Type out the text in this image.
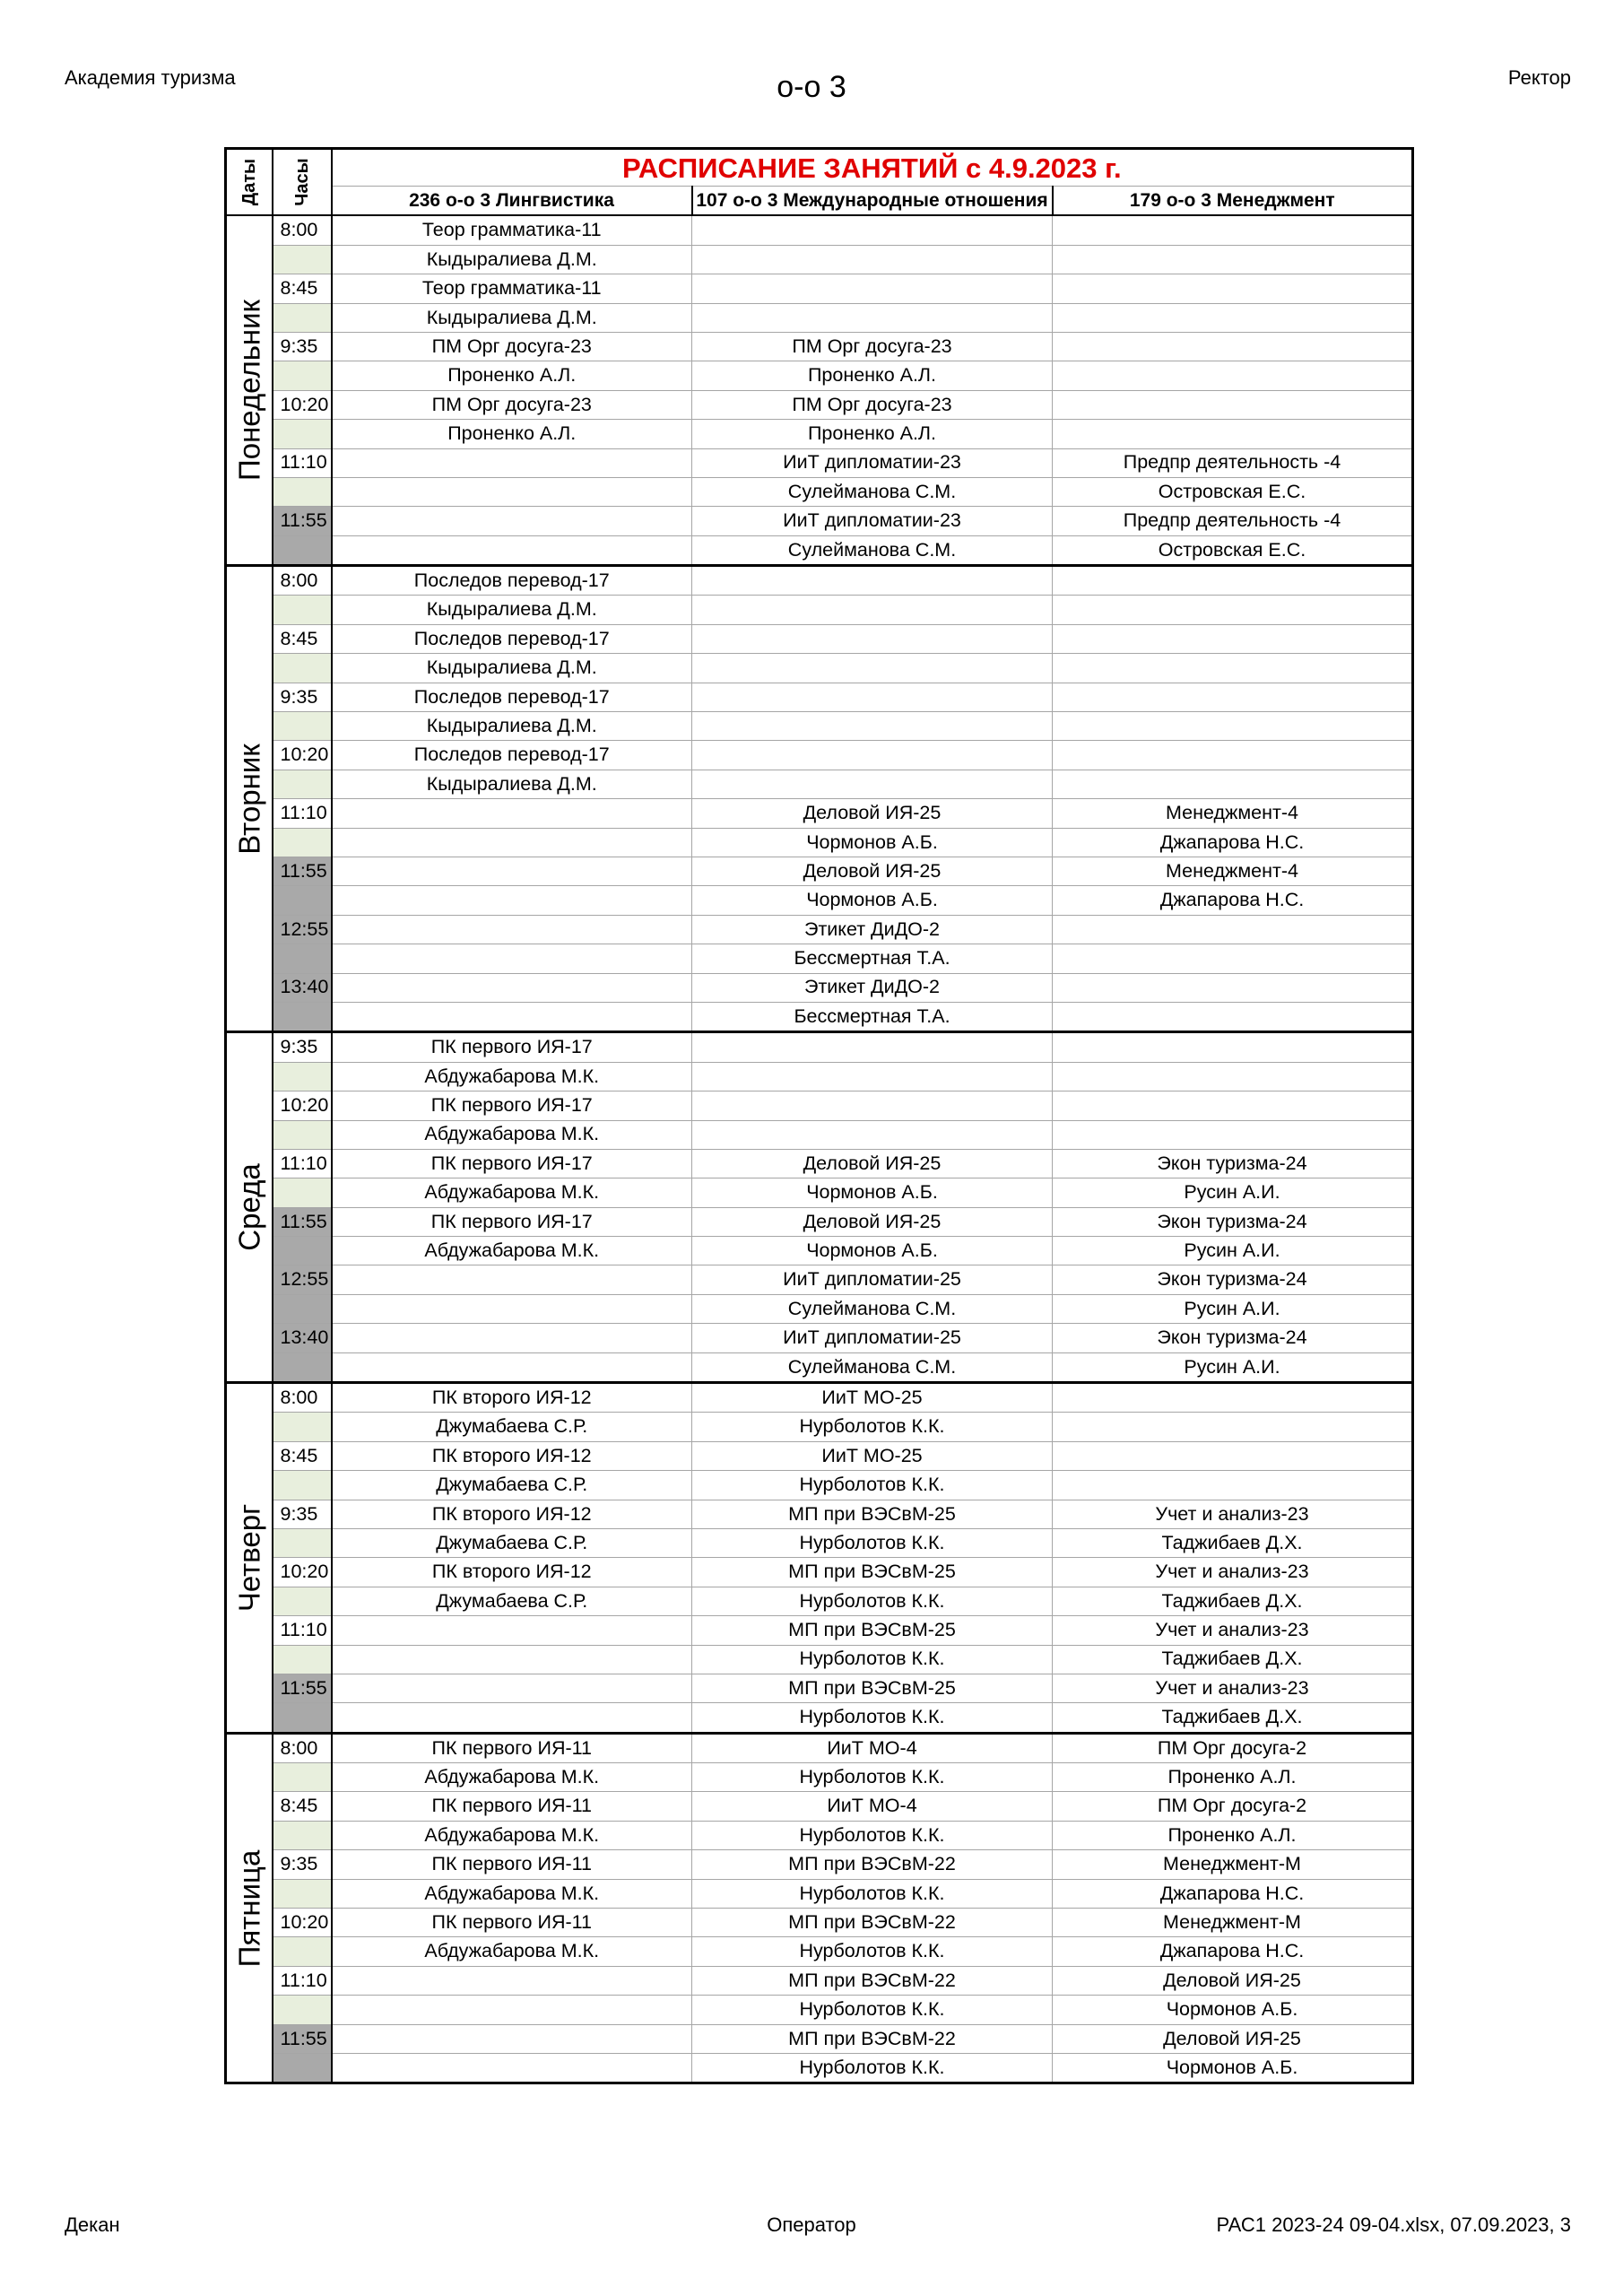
Академия туризма	о-о 3	Ректор
Даты	Часы	РАСПИСАНИЕ ЗАНЯТИЙ с 4.9.2023 г.		
		236 о-о 3 Лингвистика	107 о-о 3 Международные отношения	179 о-о 3 Менеджмент

Понедельник	8:00	Теор грамматика-11		
		Кыдыралиева Д.М.		
	8:45	Теор грамматика-11		
		Кыдыралиева Д.М.		
	9:35	ПМ Орг досуга-23	ПМ Орг досуга-23	
		Проненко А.Л.	Проненко А.Л.	
	10:20	ПМ Орг досуга-23	ПМ Орг досуга-23	
		Проненко А.Л.	Проненко А.Л.	
	11:10		ИиТ дипломатии-23	Предпр деятельность -4
			Сулейманова С.М.	Островская Е.С.
	11:55		ИиТ дипломатии-23	Предпр деятельность -4
			Сулейманова С.М.	Островская Е.С.

Вторник	8:00	Последов перевод-17		
		Кыдыралиева Д.М.		
	8:45	Последов перевод-17		
		Кыдыралиева Д.М.		
	9:35	Последов перевод-17		
		Кыдыралиева Д.М.		
	10:20	Последов перевод-17		
		Кыдыралиева Д.М.		
	11:10		Деловой ИЯ-25	Менеджмент-4
			Чормонов А.Б.	Джапарова Н.С.
	11:55		Деловой ИЯ-25	Менеджмент-4
			Чормонов А.Б.	Джапарова Н.С.
	12:55		Этикет ДиДО-2	
			Бессмертная Т.А.	
	13:40		Этикет ДиДО-2	
			Бессмертная Т.А.	

Среда	9:35	ПК первого ИЯ-17		
		Абдужабарова М.К.		
	10:20	ПК первого ИЯ-17		
		Абдужабарова М.К.		
	11:10	ПК первого ИЯ-17	Деловой ИЯ-25	Экон туризма-24
		Абдужабарова М.К.	Чормонов А.Б.	Русин А.И.
	11:55	ПК первого ИЯ-17	Деловой ИЯ-25	Экон туризма-24
		Абдужабарова М.К.	Чормонов А.Б.	Русин А.И.
	12:55		ИиТ дипломатии-25	Экон туризма-24
			Сулейманова С.М.	Русин А.И.
	13:40		ИиТ дипломатии-25	Экон туризма-24
			Сулейманова С.М.	Русин А.И.

Четверг	8:00	ПК второго ИЯ-12	ИиТ МО-25	
		Джумабаева С.Р.	Нурболотов К.К.	
	8:45	ПК второго ИЯ-12	ИиТ МО-25	
		Джумабаева С.Р.	Нурболотов К.К.	
	9:35	ПК второго ИЯ-12	МП при ВЭСвМ-25	Учет и анализ-23
		Джумабаева С.Р.	Нурболотов К.К.	Таджибаев Д.Х.
	10:20	ПК второго ИЯ-12	МП при ВЭСвМ-25	Учет и анализ-23
		Джумабаева С.Р.	Нурболотов К.К.	Таджибаев Д.Х.
	11:10		МП при ВЭСвМ-25	Учет и анализ-23
			Нурболотов К.К.	Таджибаев Д.Х.
	11:55		МП при ВЭСвМ-25	Учет и анализ-23
			Нурболотов К.К.	Таджибаев Д.Х.

Пятница	8:00	ПК первого ИЯ-11	ИиТ МО-4	ПМ Орг досуга-2
		Абдужабарова М.К.	Нурболотов К.К.	Проненко А.Л.
	8:45	ПК первого ИЯ-11	ИиТ МО-4	ПМ Орг досуга-2
		Абдужабарова М.К.	Нурболотов К.К.	Проненко А.Л.
	9:35	ПК первого ИЯ-11	МП при ВЭСвМ-22	Менеджмент-М
		Абдужабарова М.К.	Нурболотов К.К.	Джапарова Н.С.
	10:20	ПК первого ИЯ-11	МП при ВЭСвМ-22	Менеджмент-М
		Абдужабарова М.К.	Нурболотов К.К.	Джапарова Н.С.
	11:10		МП при ВЭСвМ-22	Деловой ИЯ-25
			Нурболотов К.К.	Чормонов А.Б.
	11:55		МП при ВЭСвМ-22	Деловой ИЯ-25
			Нурболотов К.К.	Чормонов А.Б.
Декан	Оператор	РАС1 2023-24 09-04.xlsx, 07.09.2023, 3
